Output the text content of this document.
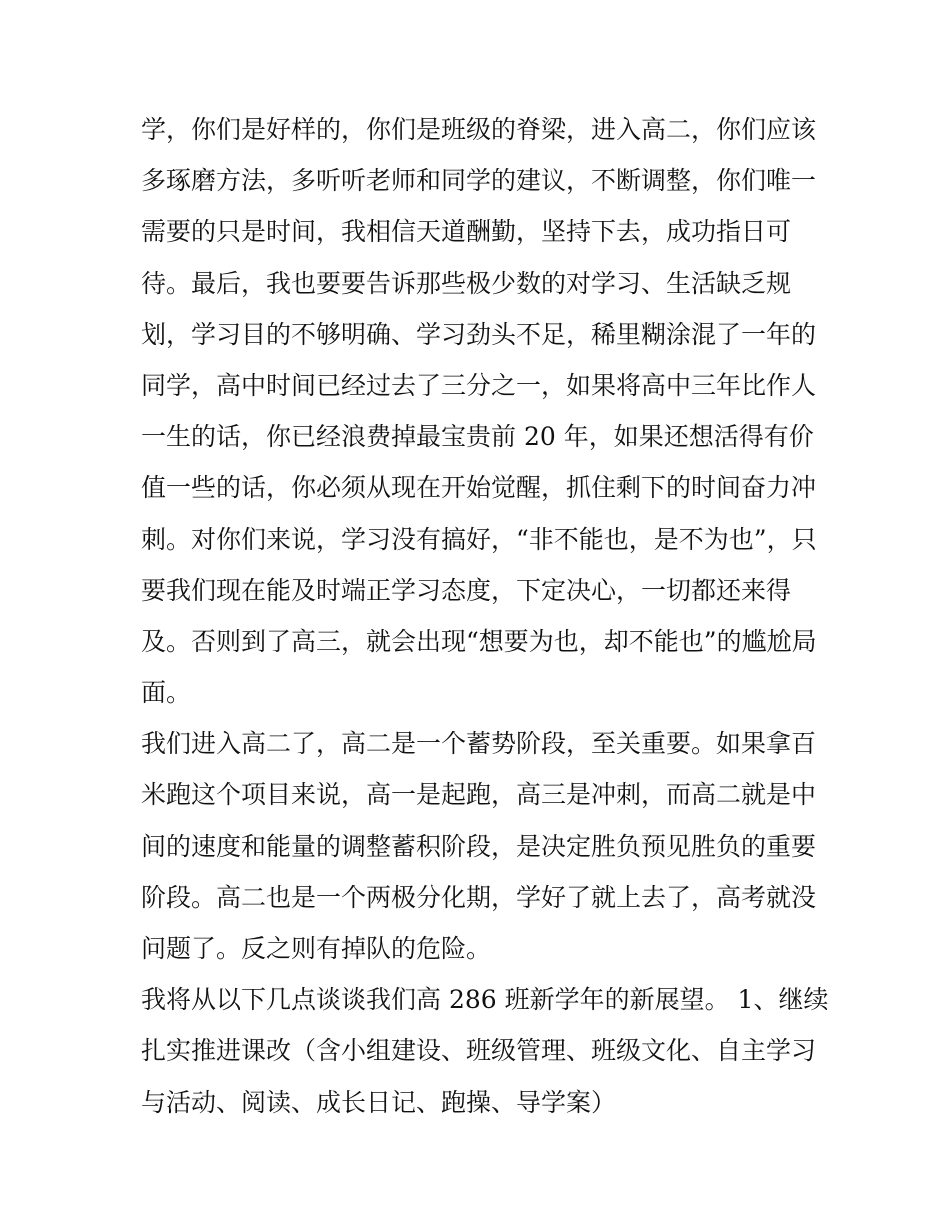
学，你们是好样的，你们是班级的脊梁，进入高二，你们应该
多琢磨方法，多听听老师和同学的建议，不断调整，你们唯一
需要的只是时间，我相信天道酬勤，坚持下去，成功指日可
待。最后，我也要要告诉那些极少数的对学习、生活缺乏规
划，学习目的不够明确、学习劲头不足，稀里糊涂混了一年的
同学，高中时间已经过去了三分之一，如果将高中三年比作人
一生的话，你已经浪费掉最宝贵前 20 年，如果还想活得有价
值一些的话，你必须从现在开始觉醒，抓住剩下的时间奋力冲
刺。对你们来说，学习没有搞好，“非不能也，是不为也”，只
要我们现在能及时端正学习态度，下定决心，一切都还来得
及。否则到了高三，就会出现“想要为也，却不能也”的尴尬局
面。
我们进入高二了，高二是一个蓄势阶段，至关重要。如果拿百
米跑这个项目来说，高一是起跑，高三是冲刺，而高二就是中
间的速度和能量的调整蓄积阶段，是决定胜负预见胜负的重要
阶段。高二也是一个两极分化期，学好了就上去了，高考就没
问题了。反之则有掉队的危险。
我将从以下几点谈谈我们高 286 班新学年的新展望。 1、继续
扎实推进课改（含小组建设、班级管理、班级文化、自主学习
与活动、阅读、成长日记、跑操、导学案）
